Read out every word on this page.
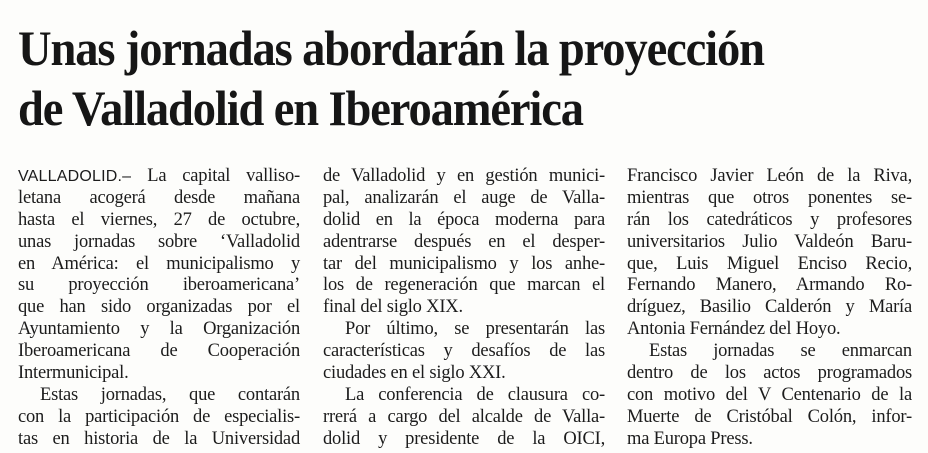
Unas jornadas abordarán la proyección
de Valladolid en Iberoamérica
VALLADOLID.– La capital valliso-
letana acogerá desde mañana
hasta el viernes, 27 de octubre,
unas jornadas sobre ‘Valladolid
en América: el municipalismo y
su proyección iberoamericana’
que han sido organizadas por el
Ayuntamiento y la Organización
Iberoamericana de Cooperación
Intermunicipal.
Estas jornadas, que contarán
con la participación de especialis-
tas en historia de la Universidad
de Valladolid y en gestión munici-
pal, analizarán el auge de Valla-
dolid en la época moderna para
adentrarse después en el desper-
tar del municipalismo y los anhe-
los de regeneración que marcan el
final del siglo XIX.
Por último, se presentarán las
características y desafíos de las
ciudades en el siglo XXI.
La conferencia de clausura co-
rrerá a cargo del alcalde de Valla-
dolid y presidente de la OICI,
Francisco Javier León de la Riva,
mientras que otros ponentes se-
rán los catedráticos y profesores
universitarios Julio Valdeón Baru-
que, Luis Miguel Enciso Recio,
Fernando Manero, Armando Ro-
dríguez, Basilio Calderón y María
Antonia Fernández del Hoyo.
Estas jornadas se enmarcan
dentro de los actos programados
con motivo del V Centenario de la
Muerte de Cristóbal Colón, infor-
ma Europa Press.
